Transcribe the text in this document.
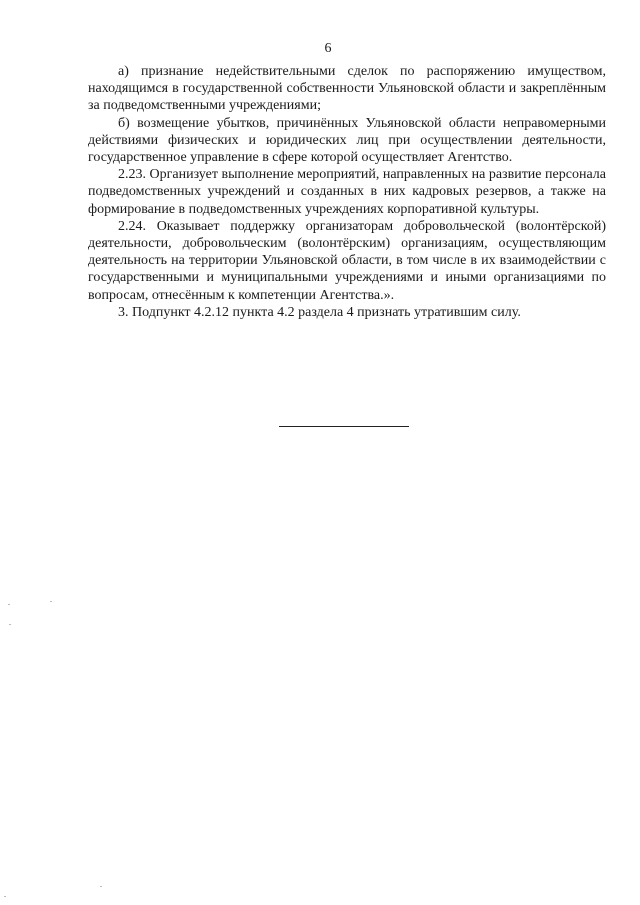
6

а) признание недействительными сделок по распоряжению имуществом, находящимся в государственной собственности Ульяновской области и закреплённым за подведомственными учреждениями;

б) возмещение убытков, причинённых Ульяновской области неправомерными действиями физических и юридических лиц при осуществлении деятельности, государственное управление в сфере которой осуществляет Агентство.

2.23. Организует выполнение мероприятий, направленных на развитие персонала подведомственных учреждений и созданных в них кадровых резервов, а также на формирование в подведомственных учреждениях корпоративной культуры.

2.24. Оказывает поддержку организаторам добровольческой (волонтёрской) деятельности, добровольческим (волонтёрским) организациям, осуществляющим деятельность на территории Ульяновской области, в том числе в их взаимодействии с государственными и муниципальными учреждениями и иными организациями по вопросам, отнесённым к компетенции Агентства.».

3. Подпункт 4.2.12 пункта 4.2 раздела 4 признать утратившим силу.
